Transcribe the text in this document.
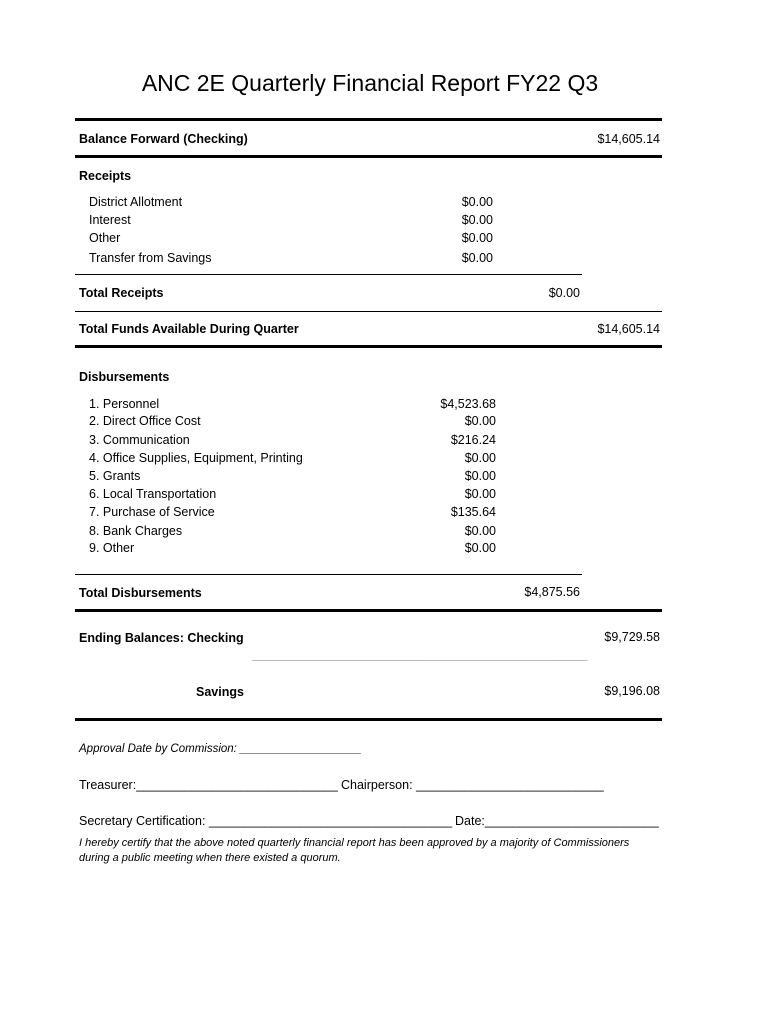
ANC 2E Quarterly Financial Report FY22 Q3
Balance Forward (Checking)	$14,605.14
Receipts
District Allotment	$0.00
Interest	$0.00
Other	$0.00
Transfer from Savings	$0.00
Total Receipts	$0.00
Total Funds Available During Quarter	$14,605.14
Disbursements
1. Personnel	$4,523.68
2. Direct Office Cost	$0.00
3. Communication	$216.24
4. Office Supplies, Equipment, Printing	$0.00
5. Grants	$0.00
6. Local Transportation	$0.00
7. Purchase of Service	$135.64
8. Bank Charges	$0.00
9. Other	$0.00
Total Disbursements	$4,875.56
Ending Balances: Checking	$9,729.58
___________________________________________________________________
Savings	$9,196.08
Approval Date by Commission: ___________________
Treasurer:_____________________________ Chairperson: ___________________________
Secretary Certification: ___________________________________ Date:_________________________
I hereby certify that the above noted quarterly financial report has been approved by a majority of Commissioners
during a public meeting when there existed a quorum.
